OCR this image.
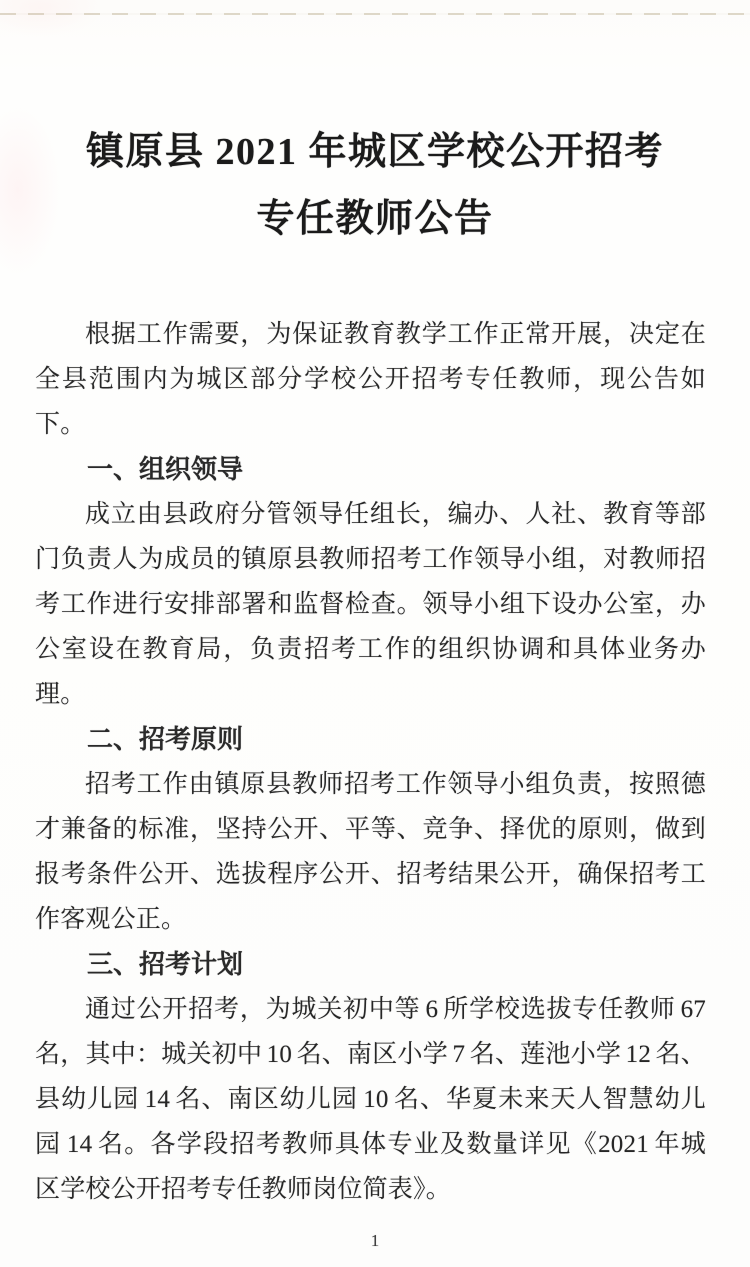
镇原县 2021 年城区学校公开招考
专任教师公告
根据工作需要，为保证教育教学工作正常开展，决定在
全县范围内为城区部分学校公开招考专任教师，现公告如
下。
一、组织领导
成立由县政府分管领导任组长，编办、人社、教育等部
门负责人为成员的镇原县教师招考工作领导小组，对教师招
考工作进行安排部署和监督检查。领导小组下设办公室，办
公室设在教育局，负责招考工作的组织协调和具体业务办
理。
二、招考原则
招考工作由镇原县教师招考工作领导小组负责，按照德
才兼备的标准，坚持公开、平等、竞争、择优的原则，做到
报考条件公开、选拔程序公开、招考结果公开，确保招考工
作客观公正。
三、招考计划
通过公开招考，为城关初中等 6 所学校选拔专任教师 67
名，其中：城关初中 10 名、南区小学 7 名、莲池小学 12 名、
县幼儿园 14 名、南区幼儿园 10 名、华夏未来天人智慧幼儿
园 14 名。各学段招考教师具体专业及数量详见《2021 年城
区学校公开招考专任教师岗位简表》。
1
